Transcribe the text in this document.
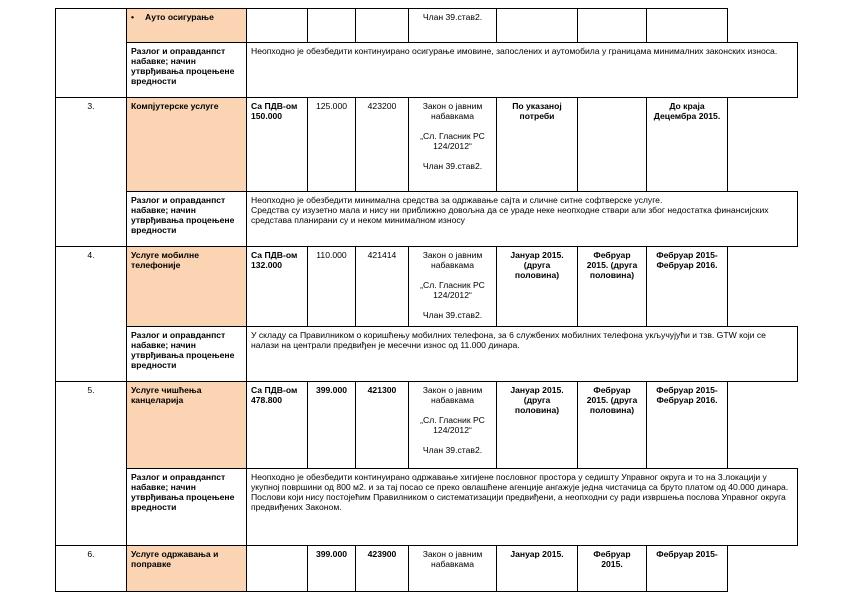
	• Ауто осигурање				Члан 39.став2.			

	Разлог и оправданпст набавке; начин утврђивања процењене вредности	Неопходно је обезбедити континуирано осигурање имовине, запослених и аутомобила у границама минималних законских износа.						

3.	Компјутерске услуге	Са ПДВ-ом 150.000	125.000	423200	Закон о јавним набавкама
„Сл. Гласник РС 124/2012“
Члан 39.став2.	По указаној потреби		До краја Децембра 2015.
	Разлог и оправданпст набавке; начин утврђивања процењене вредности	Неопходно је обезбедити минимална средства за одржавање сајта и сличне ситне софтверске услуге.
Средства су изузетно мала и нису ни приближно довољна да се ураде неке неопходне ствари али због недостатка финансијских средстава планирани су и неком минималном износу						

4.	Услуге мобилне телефоније	Са ПДВ-ом 132.000	110.000	421414	Закон о јавним набавкама
„Сл. Гласник РС 124/2012“
Члан 39.став2.	Јануар 2015. (друга половина)	Фебруар 2015. (друга половина)	Фебруар 2015-Фебруар 2016.
	Разлог и оправданпст набавке; начин утврђивања процењене вредности	У складу са Правилником о коришћењу мобилних телефона, за 6 службених мобилних телефона укључујући и тзв. GTW који се налази на централи предвиђен је месечни износ од 11.000 динара.						

5.	Услуге чишћења канцеларија	Са ПДВ-ом 478.800	399.000	421300	Закон о јавним набавкама
„Сл. Гласник РС 124/2012“
Члан 39.став2.	Јануар 2015. (друга половина)	Фебруар 2015. (друга половина)	Фебруар 2015-Фебруар 2016.
	Разлог и оправданпст набавке; начин утврђивања процењене вредности	Неопходно је обезбедити континуирано одржавање хигијене пословног простора у седишту Управног округа и то на 3.локацији у укупној површини од 800 м2. и за тај посао се преко овлашћене агенције ангажује једна чистачица са бруто платом од 40.000 динара.
Послови који нису постојећим Правилником о систематизацији предвиђени, а неопходни су ради извршења послова Управног округа предвиђених Законом.						

6.	Услуге одржавања и поправке		399.000	423900	Закон о јавним набавкама	Јануар 2015.	Фебруар 2015.	Фебруар 2015-
